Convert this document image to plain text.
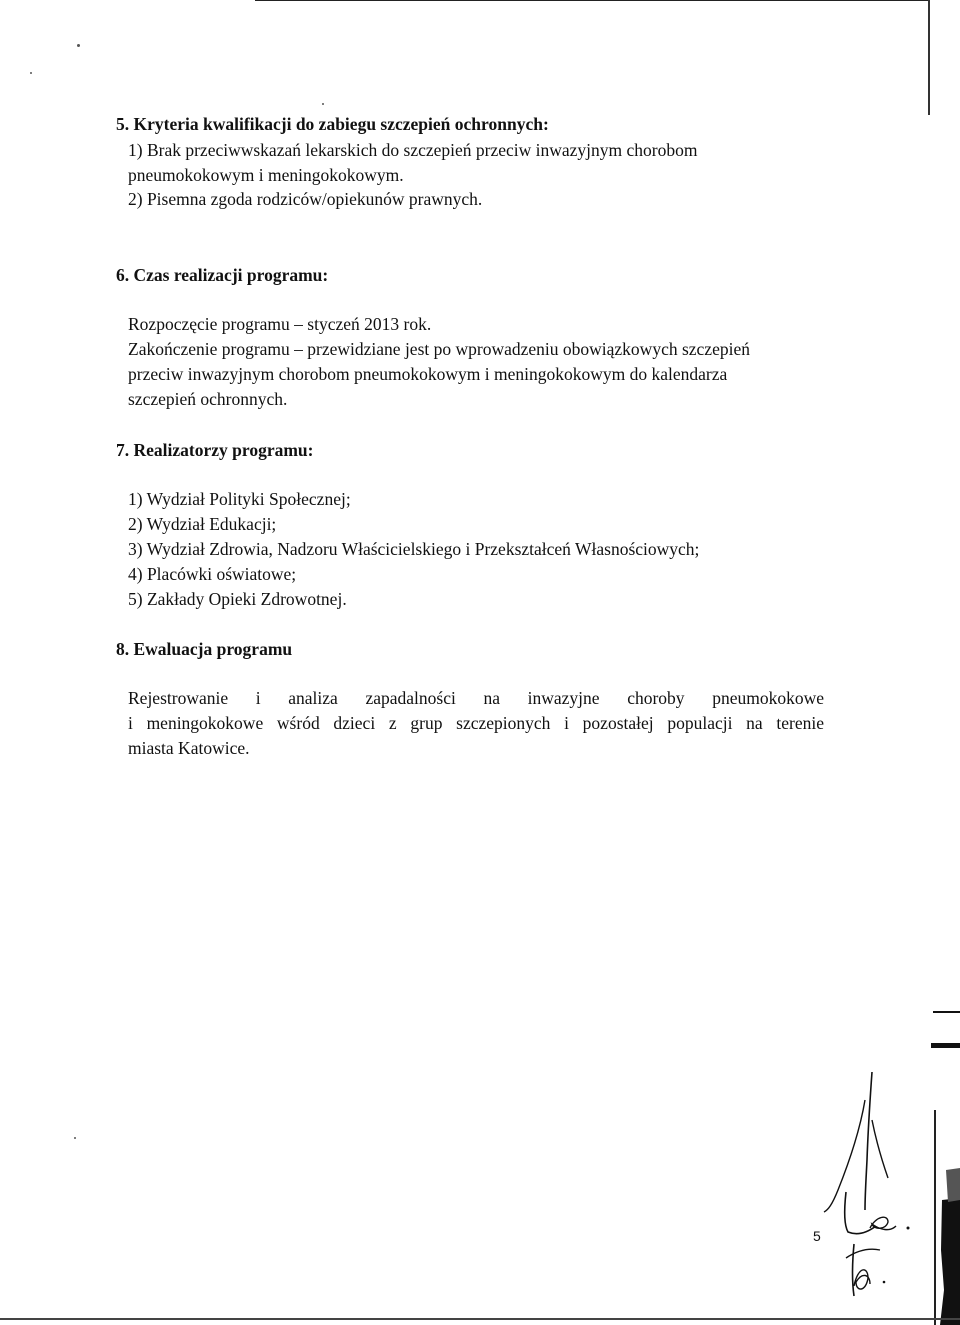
5. Kryteria kwalifikacji do zabiegu szczepień ochronnych:

1) Brak przeciwwskazań lekarskich do szczepień przeciw inwazyjnym chorobom

pneumokokowym i meningokokowym.

2) Pisemna zgoda rodziców/opiekunów prawnych.

6. Czas realizacji programu:

Rozpoczęcie programu – styczeń 2013 rok.

Zakończenie programu – przewidziane jest po wprowadzeniu obowiązkowych szczepień

przeciw inwazyjnym chorobom pneumokokowym i meningokokowym do kalendarza

szczepień ochronnych.

7. Realizatorzy programu:

1) Wydział Polityki Społecznej;

2) Wydział Edukacji;

3) Wydział Zdrowia, Nadzoru Właścicielskiego i Przekształceń Własnościowych;

4) Placówki oświatowe;

5) Zakłady Opieki Zdrowotnej.

8. Ewaluacja programu

Rejestrowanie i analiza zapadalności na inwazyjne choroby pneumokokowe

i meningokokowe wśród dzieci z grup szczepionych i pozostałej populacji na terenie

miasta Katowice.

5
